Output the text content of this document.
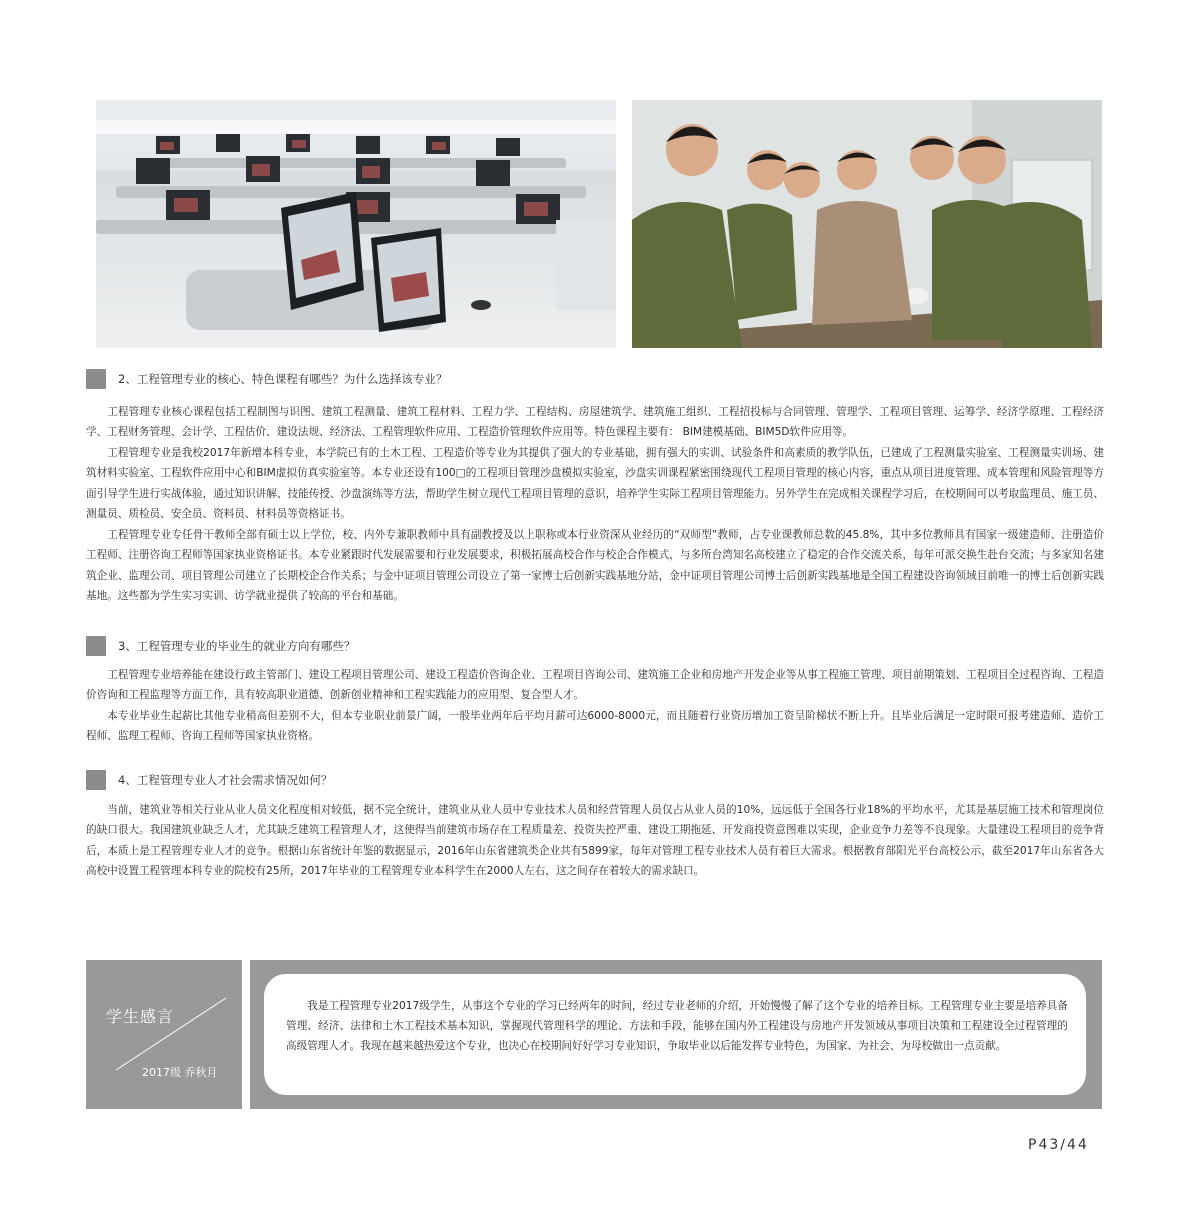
2、工程管理专业的核心、特色课程有哪些？为什么选择该专业？

工程管理专业核心课程包括工程制图与识图、建筑工程测量、建筑工程材料、工程力学、工程结构、房屋建筑学、建筑施工组织、工程招投标与合同管理、管理学、工程项目管理、运筹学、经济学原理、工程经济学、工程财务管理、会计学、工程估价、建设法规、经济法、工程管理软件应用、工程造价管理软件应用等。特色课程主要有： BIM建模基础、BIM5D软件应用等。

工程管理专业是我校2017年新增本科专业，本学院已有的土木工程、工程造价等专业为其提供了强大的专业基础，拥有强大的实训、试验条件和高素质的教学队伍，已建成了工程测量实验室、工程测量实训场、建筑材料实验室、工程软件应用中心和BIM虚拟仿真实验室等。本专业还设有100□的工程项目管理沙盘模拟实验室，沙盘实训课程紧密围绕现代工程项目管理的核心内容，重点从项目进度管理、成本管理和风险管理等方面引导学生进行实战体验，通过知识讲解、技能传授、沙盘演练等方法，帮助学生树立现代工程项目管理的意识，培养学生实际工程项目管理能力。另外学生在完成相关课程学习后，在校期间可以考取监理员、施工员、测量员、质检员、安全员、资料员、材料员等资格证书。

工程管理专业专任骨干教师全部有硕士以上学位，校、内外专兼职教师中具有副教授及以上职称或本行业资深从业经历的“双师型”教师，占专业课教师总数的45.8%，其中多位教师具有国家一级建造师、注册造价工程师、注册咨询工程师等国家执业资格证书。本专业紧跟时代发展需要和行业发展要求，积极拓展高校合作与校企合作模式，与多所台湾知名高校建立了稳定的合作交流关系，每年可派交换生赴台交流；与多家知名建筑企业、监理公司、项目管理公司建立了长期校企合作关系；与金中证项目管理公司设立了第一家博士后创新实践基地分站，金中证项目管理公司博士后创新实践基地是全国工程建设咨询领域目前唯一的博士后创新实践基地。这些都为学生实习实训、访学就业提供了较高的平台和基础。

3、工程管理专业的毕业生的就业方向有哪些？

工程管理专业培养能在建设行政主管部门、建设工程项目管理公司、建设工程造价咨询企业、工程项目咨询公司、建筑施工企业和房地产开发企业等从事工程施工管理、项目前期策划、工程项目全过程咨询、工程造价咨询和工程监理等方面工作，具有较高职业道德、创新创业精神和工程实践能力的应用型、复合型人才。

本专业毕业生起薪比其他专业稍高但差别不大，但本专业职业前景广阔，一般毕业两年后平均月薪可达6000-8000元，而且随着行业资历增加工资呈阶梯状不断上升。且毕业后满足一定时限可报考建造师、造价工程师、监理工程师、咨询工程师等国家执业资格。

4、工程管理专业人才社会需求情况如何？

当前，建筑业等相关行业从业人员文化程度相对较低，据不完全统计，建筑业从业人员中专业技术人员和经营管理人员仅占从业人员的10%，远远低于全国各行业18%的平均水平，尤其是基层施工技术和管理岗位的缺口很大。我国建筑业缺乏人才，尤其缺乏建筑工程管理人才，这使得当前建筑市场存在工程质量差、投资失控严重、建设工期拖延、开发商投资意图难以实现，企业竞争力差等不良现象。大量建设工程项目的竞争背后，本质上是工程管理专业人才的竞争。根据山东省统计年鉴的数据显示，2016年山东省建筑类企业共有5899家，每年对管理工程专业技术人员有着巨大需求。根据教育部阳光平台高校公示，截至2017年山东省各大高校中设置工程管理本科专业的院校有25所，2017年毕业的工程管理专业本科学生在2000人左右，这之间存在着较大的需求缺口。

学生感言
2017级 乔秋月

我是工程管理专业2017级学生，从事这个专业的学习已经两年的时间，经过专业老师的介绍，开始慢慢了解了这个专业的培养目标。工程管理专业主要是培养具备管理、经济、法律和土木工程技术基本知识，掌握现代管理科学的理论、方法和手段，能够在国内外工程建设与房地产开发领域从事项目决策和工程建设全过程管理的高级管理人才。我现在越来越热爱这个专业，也决心在校期间好好学习专业知识，争取毕业以后能发挥专业特色，为国家、为社会、为母校做出一点贡献。

P43/44
